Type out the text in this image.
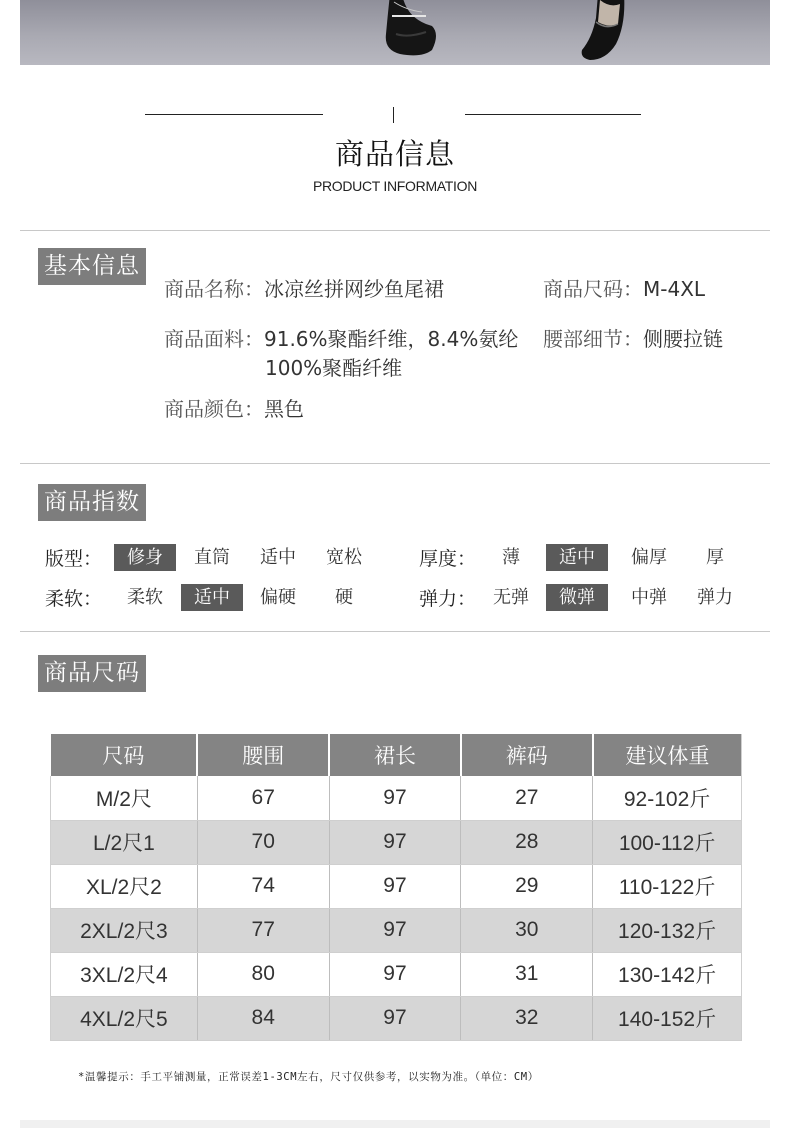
商品信息
PRODUCT INFORMATION
基本信息
商品名称：冰凉丝拼网纱鱼尾裙	商品尺码：M-4XL
商品面料：91.6%聚酯纤维，8.4%氨纶
100%聚酯纤维
腰部细节：侧腰拉链
商品颜色：黑色
商品指数
版型：	修身	直筒	适中	宽松	厚度：	薄	适中	偏厚	厚
柔软：	柔软	适中	偏硬	硬	弹力： 无弹	微弹	中弹	弹力
商品尺码
尺码	腰围	裙长	裤码	建议体重
M/2尺	67	97	27	92-102斤
L/2尺1	70	97	28	100-112斤
XL/2尺2	74	97	29	110-122斤
2XL/2尺3	77	97	30	120-132斤
3XL/2尺4	80	97	31	130-142斤
4XL/2尺5	84	97	32	140-152斤
*温馨提示：手工平铺测量，正常误差1-3CM左右，尺寸仅供参考，以实物为准。（单位：CM）
